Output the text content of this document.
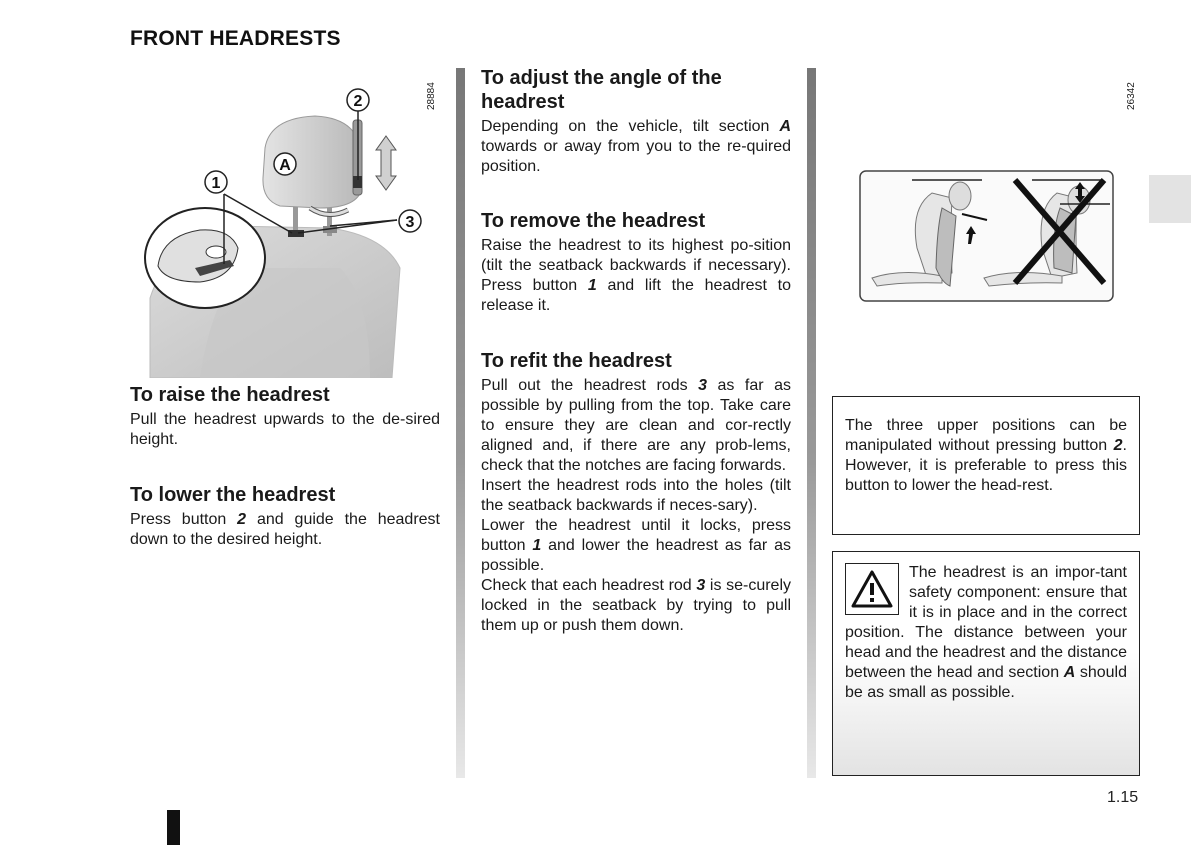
FRONT HEADRESTS
1
2
3
A
28884
To raise the headrest

Pull the headrest upwards to the de-sired height.

To lower the headrest

Press button 2 and guide the headrest down to the desired height.

To adjust the angle of the headrest

Depending on the vehicle, tilt section A towards or away from you to the re-quired position.

To remove the headrest

Raise the headrest to its highest po-sition (tilt the seatback backwards if necessary). Press button 1 and lift the headrest to release it.

To refit the headrest

Pull out the headrest rods 3 as far as possible by pulling from the top. Take care to ensure they are clean and cor-rectly aligned and, if there are any prob-lems, check that the notches are facing forwards.

Insert the headrest rods into the holes (tilt the seatback backwards if neces-sary).

Lower the headrest until it locks, press button 1 and lower the headrest as far as possible.

Check that each headrest rod 3 is se-curely locked in the seatback by trying to pull them up or push them down.

26342

The three upper positions can be manipulated without pressing button 2. However, it is preferable to press this button to lower the head-rest.

The headrest is an impor-tant safety component: ensure that it is in place and in the correct position. The distance between your head and the headrest and the distance between the head and section A should be as small as possible.

1.15
